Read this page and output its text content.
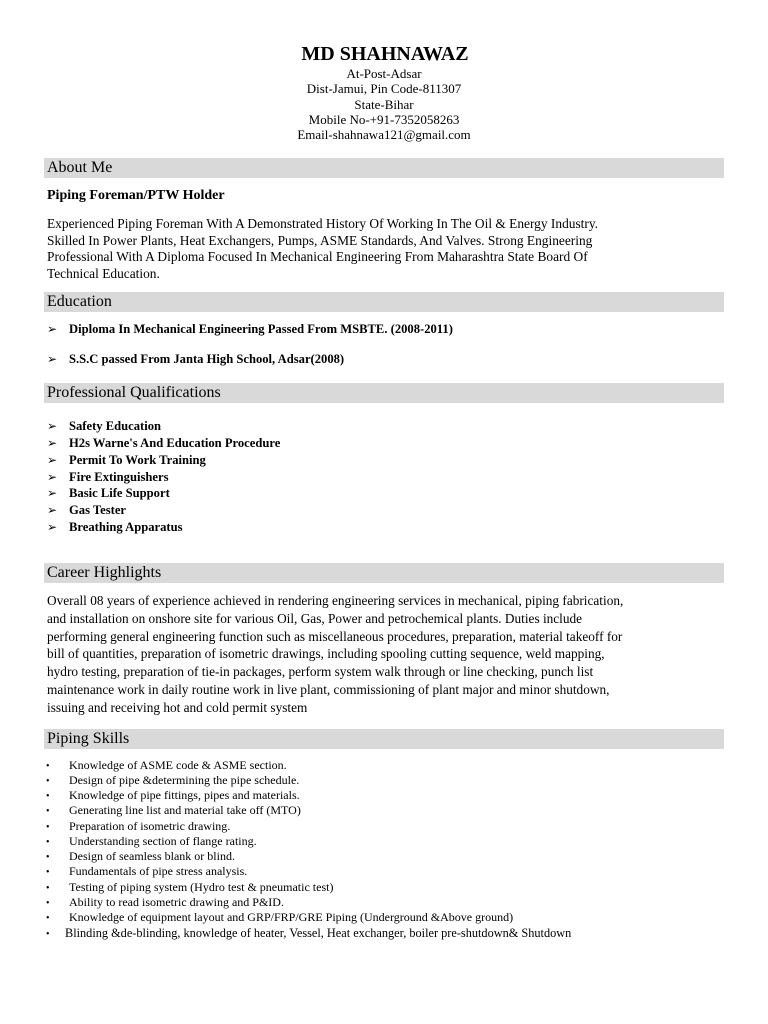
MD SHAHNAWAZ
At-Post-Adsar
Dist-Jamui, Pin Code-811307
State-Bihar
Mobile No-+91-7352058263
Email-shahnawa121@gmail.com
About Me
Piping Foreman/PTW Holder
Experienced Piping Foreman With A Demonstrated History Of Working In The Oil & Energy Industry.
Skilled In Power Plants, Heat Exchangers, Pumps, ASME Standards, And Valves. Strong Engineering
Professional With A Diploma Focused In Mechanical Engineering From Maharashtra State Board Of
Technical Education.
Education
➢ Diploma In Mechanical Engineering Passed From MSBTE. (2008-2011)
➢ S.S.C passed From Janta High School, Adsar(2008)
Professional Qualifications
➢ Safety Education
➢ H2s Warne's And Education Procedure
➢ Permit To Work Training
➢ Fire Extinguishers
➢ Basic Life Support
➢ Gas Tester
➢ Breathing Apparatus
Career Highlights
Overall 08 years of experience achieved in rendering engineering services in mechanical, piping fabrication,
and installation on onshore site for various Oil, Gas, Power and petrochemical plants. Duties include
performing general engineering function such as miscellaneous procedures, preparation, material takeoff for
bill of quantities, preparation of isometric drawings, including spooling cutting sequence, weld mapping,
hydro testing, preparation of tie-in packages, perform system walk through or line checking, punch list
maintenance work in daily routine work in live plant, commissioning of plant major and minor shutdown,
issuing and receiving hot and cold permit system
Piping Skills
• Knowledge of ASME code & ASME section.
• Design of pipe &determining the pipe schedule.
• Knowledge of pipe fittings, pipes and materials.
• Generating line list and material take off (MTO)
• Preparation of isometric drawing.
• Understanding section of flange rating.
• Design of seamless blank or blind.
• Fundamentals of pipe stress analysis.
• Testing of piping system (Hydro test & pneumatic test)
• Ability to read isometric drawing and P&ID.
• Knowledge of equipment layout and GRP/FRP/GRE Piping (Underground &Above ground)
• Blinding &de-blinding, knowledge of heater, Vessel, Heat exchanger, boiler pre-shutdown& Shutdown
